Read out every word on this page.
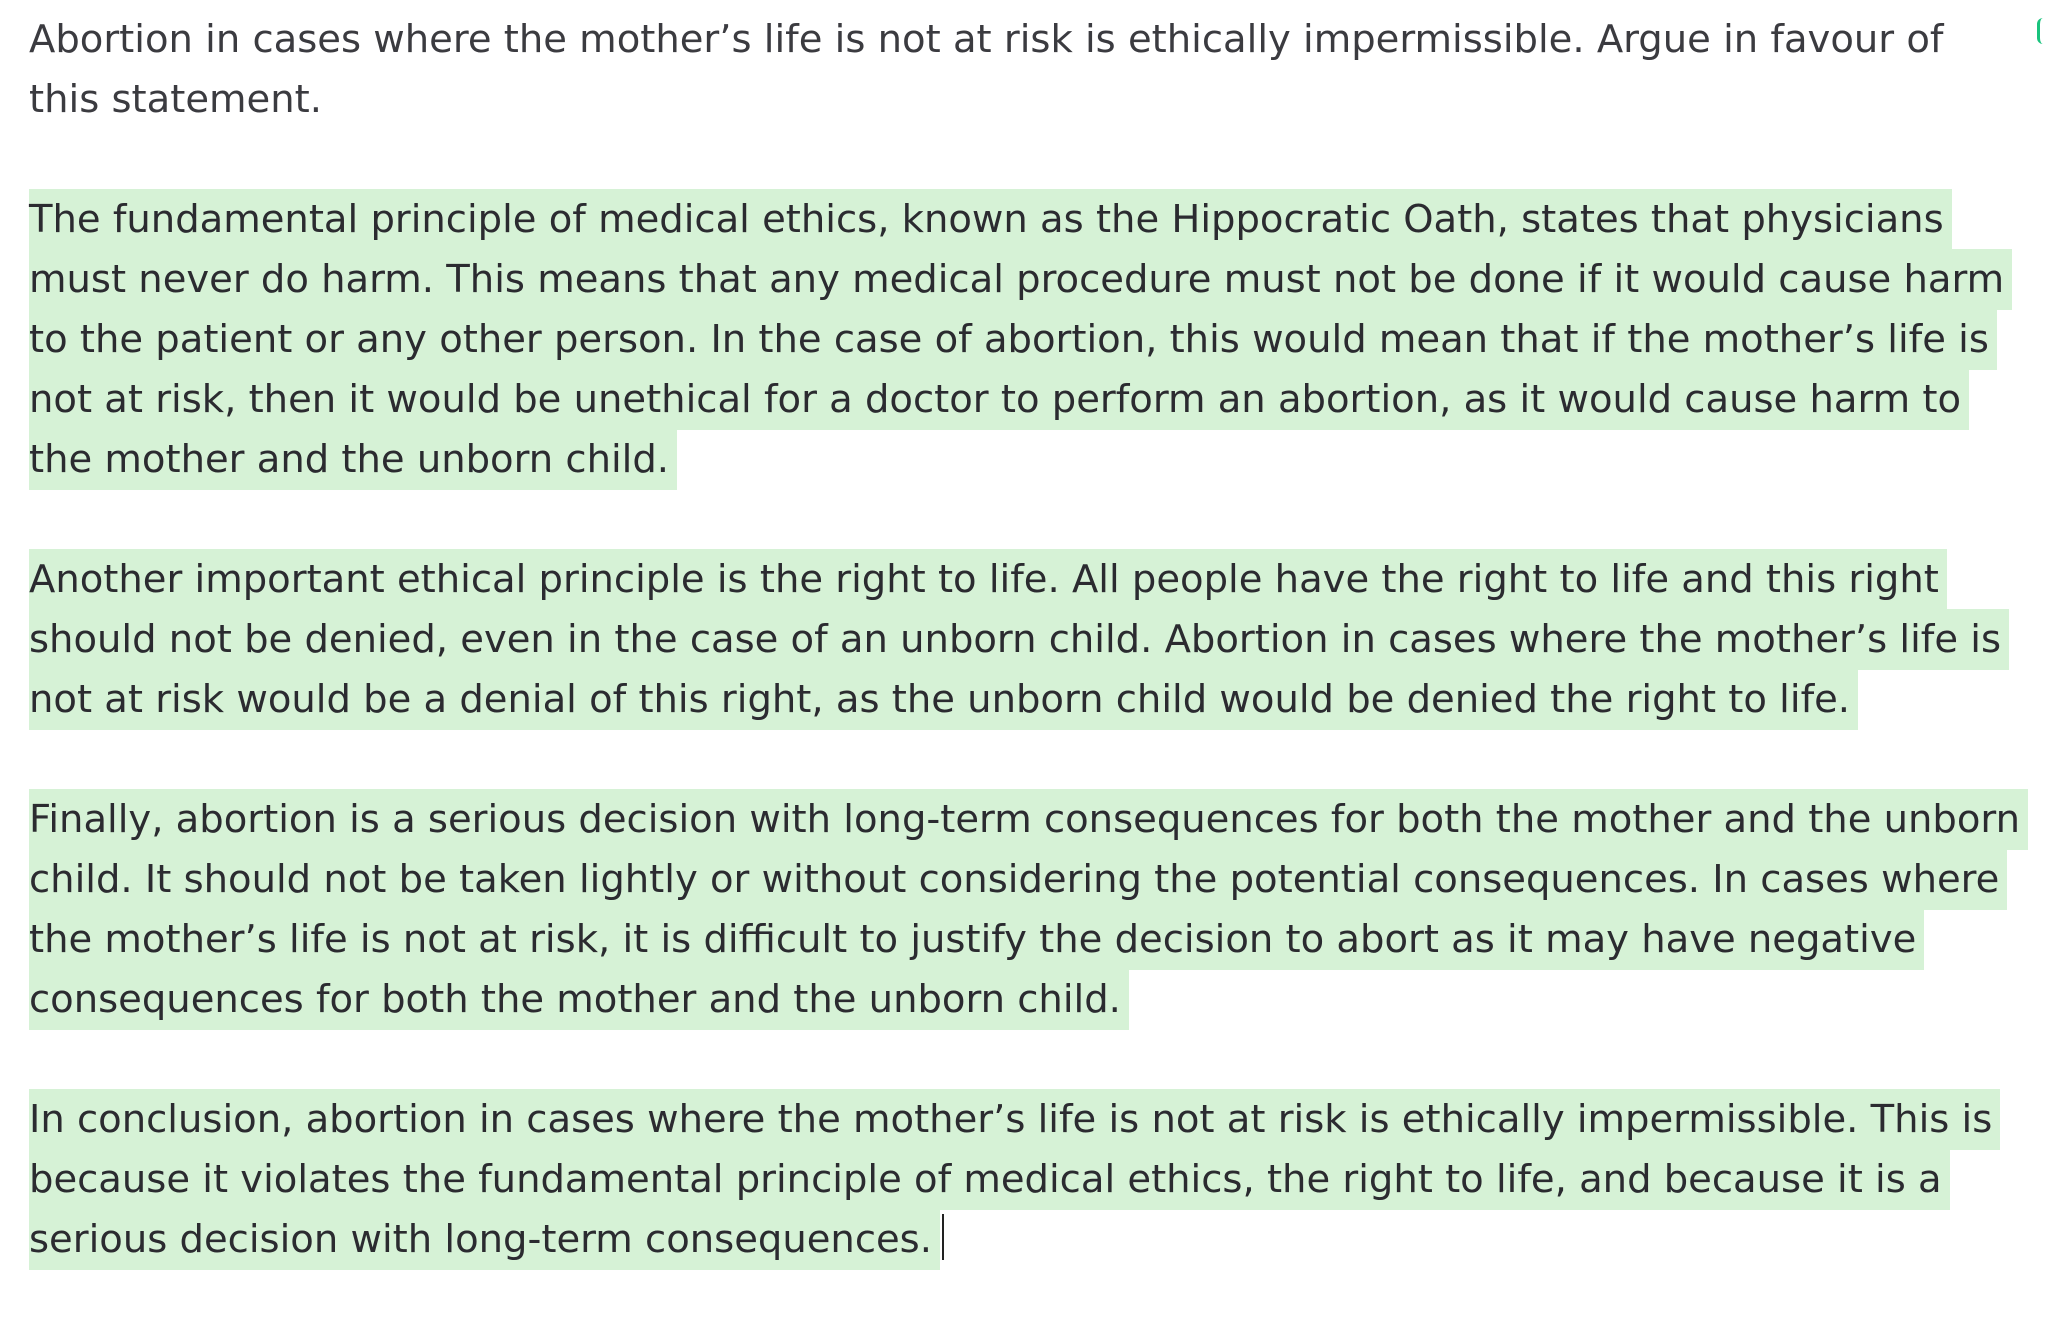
Abortion in cases where the mother’s life is not at risk is ethically impermissible. Argue in favour of this statement.

The fundamental principle of medical ethics, known as the Hippocratic Oath, states that physicians must never do harm. This means that any medical procedure must not be done if it would cause harm to the patient or any other person. In the case of abortion, this would mean that if the mother’s life is not at risk, then it would be unethical for a doctor to perform an abortion, as it would cause harm to the mother and the unborn child.

Another important ethical principle is the right to life. All people have the right to life and this right should not be denied, even in the case of an unborn child. Abortion in cases where the mother’s life is not at risk would be a denial of this right, as the unborn child would be denied the right to life.

Finally, abortion is a serious decision with long-term consequences for both the mother and the unborn child. It should not be taken lightly or without considering the potential consequences. In cases where the mother’s life is not at risk, it is difficult to justify the decision to abort as it may have negative consequences for both the mother and the unborn child.

In conclusion, abortion in cases where the mother’s life is not at risk is ethically impermissible. This is because it violates the fundamental principle of medical ethics, the right to life, and because it is a serious decision with long-term consequences.
